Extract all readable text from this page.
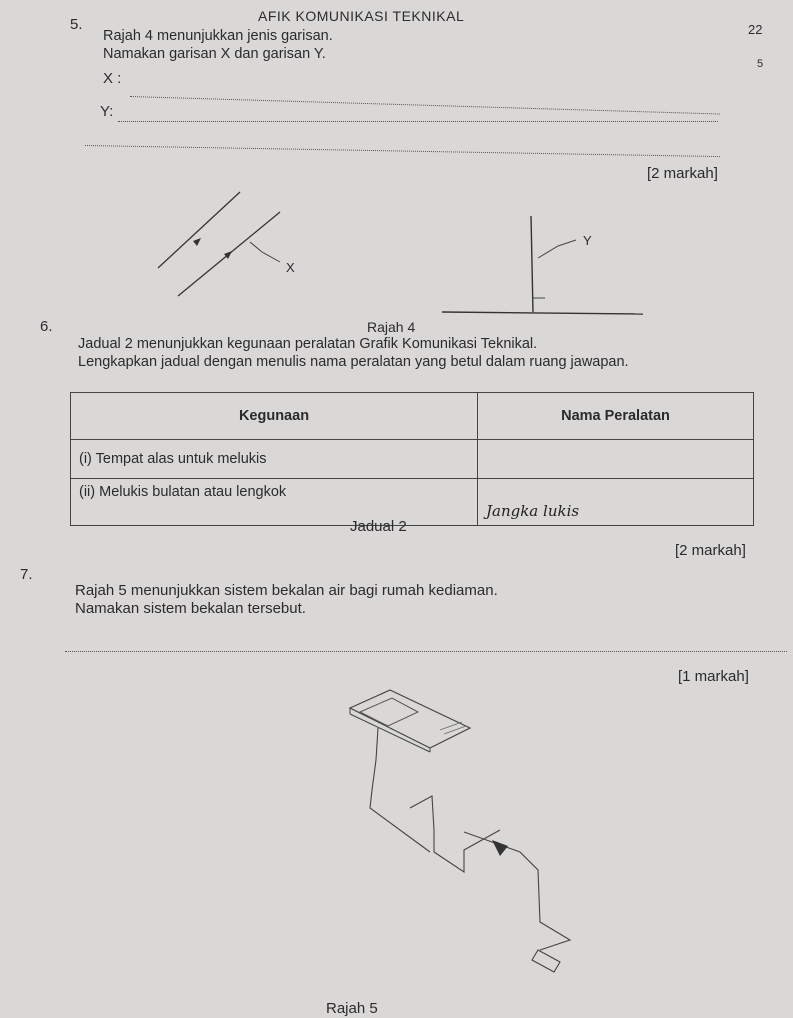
AFIK KOMUNIKASI TEKNIKAL
22
5
5.
Rajah 4 menunjukkan jenis garisan.
Namakan garisan X dan garisan Y.
X :
Y:
[2 markah]
X
Y
Rajah 4
6.
Jadual 2 menunjukkan kegunaan peralatan Grafik Komunikasi Teknikal.
Lengkapkan jadual dengan menulis nama peralatan yang betul dalam ruang jawapan.
Kegunaan	Nama Peralatan
(i) Tempat alas untuk melukis	
(ii) Melukis bulatan atau lengkok	Jangka lukis
Jadual 2
[2 markah]
7.
Rajah 5 menunjukkan sistem bekalan air bagi rumah kediaman.
Namakan sistem bekalan tersebut.
[1 markah]
Rajah 5
